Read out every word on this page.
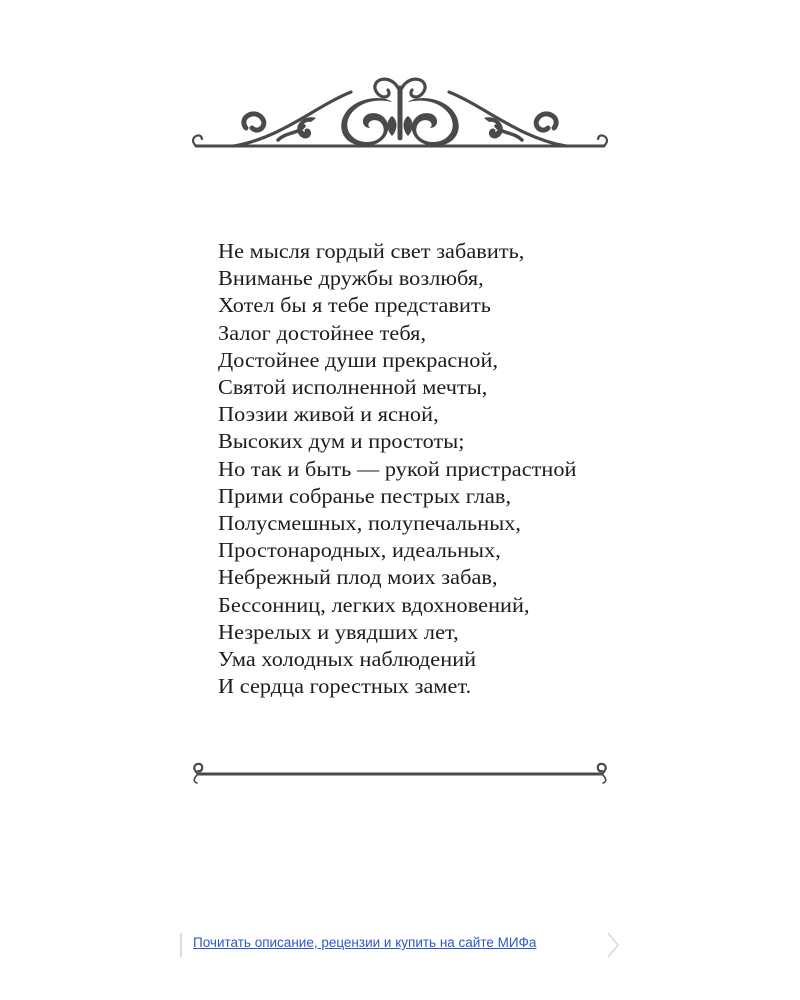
Не мысля гордый свет забавить,
Вниманье дружбы возлюбя,
Хотел бы я тебе представить
Залог достойнее тебя,
Достойнее души прекрасной,
Святой исполненной мечты,
Поэзии живой и ясной,
Высоких дум и простоты;
Но так и быть — рукой пристрастной
Прими собранье пестрых глав,
Полусмешных, полупечальных,
Простонародных, идеальных,
Небрежный плод моих забав,
Бессонниц, легких вдохновений,
Незрелых и увядших лет,
Ума холодных наблюдений
И сердца горестных замет.
Почитать описание, рецензии и купить на сайте МИФа
